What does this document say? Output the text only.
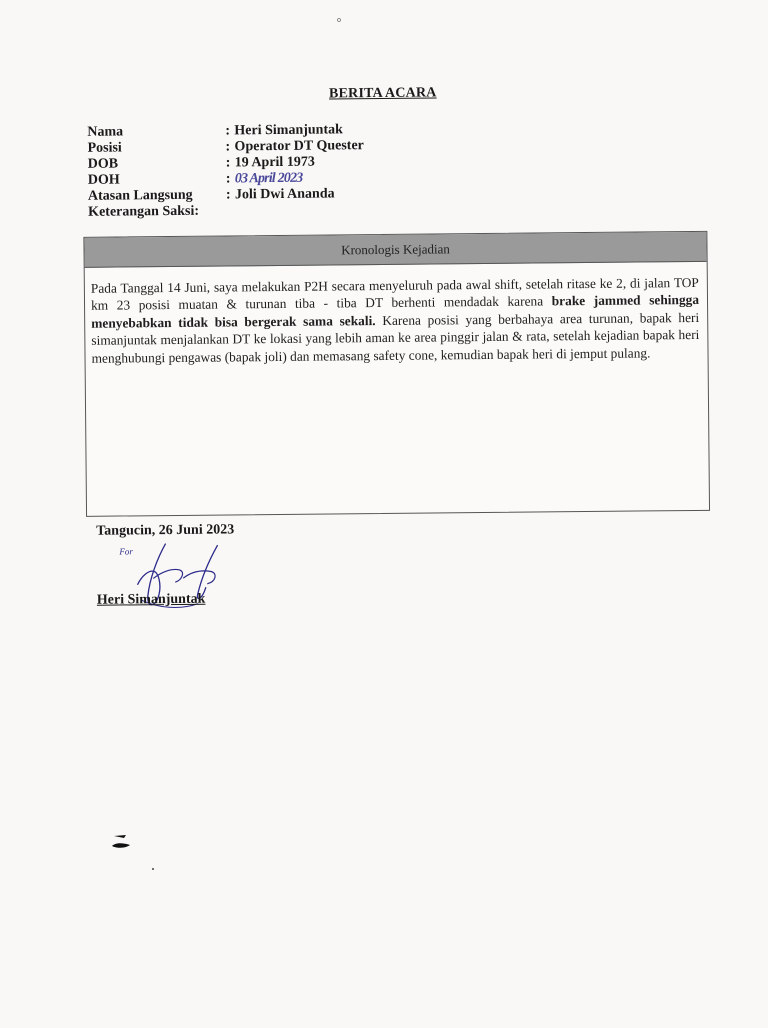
BERITA ACARA
Nama	: Heri Simanjuntak
Posisi	: Operator DT Quester
DOB	: 19 April 1973
DOH	: 03 April 2023
Atasan Langsung : Joli Dwi Ananda
Keterangan Saksi:
Kronologis Kejadian
Pada Tanggal 14 Juni, saya melakukan P2H secara menyeluruh pada awal shift, setelah ritase ke 2, di jalan TOP km 23 posisi muatan & turunan tiba - tiba DT berhenti mendadak karena brake jammed sehingga menyebabkan tidak bisa bergerak sama sekali. Karena posisi yang berbahaya area turunan, bapak heri simanjuntak menjalankan DT ke lokasi yang lebih aman ke area pinggir jalan & rata, setelah kejadian bapak heri menghubungi pengawas (bapak joli) dan memasang safety cone, kemudian bapak heri di jemput pulang.
Tangucin, 26 Juni 2023
For
Heri Simanjuntak
